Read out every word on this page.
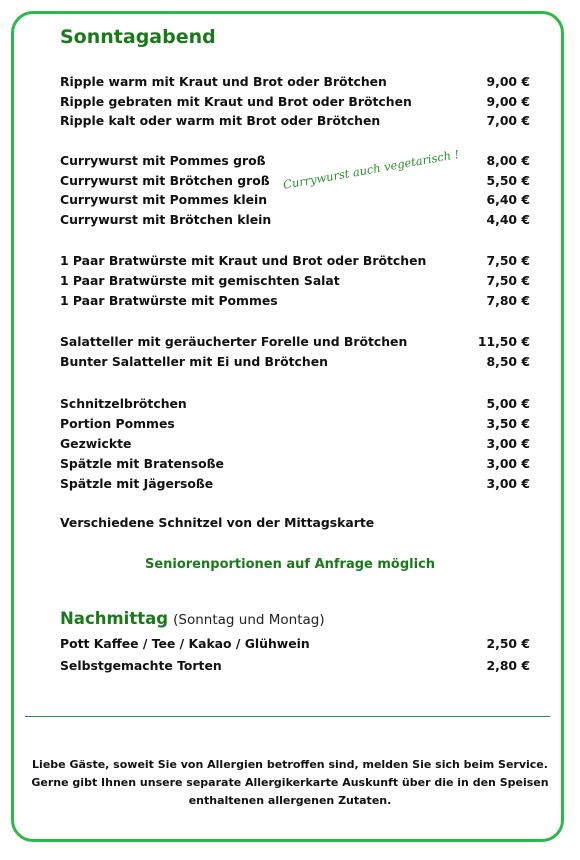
Sonntagabend
Ripple warm mit Kraut und Brot oder Brötchen	9,00 €
Ripple gebraten mit Kraut und Brot oder Brötchen	9,00 €
Ripple kalt oder warm mit Brot oder Brötchen	7,00 €
Currywurst mit Pommes groß	8,00 €
Currywurst mit Brötchen groß	5,50 €
Currywurst mit Pommes klein	6,40 €
Currywurst mit Brötchen klein	4,40 €
Currywurst auch vegetarisch !
1 Paar Bratwürste mit Kraut und Brot oder Brötchen	7,50 €
1 Paar Bratwürste mit gemischten Salat	7,50 €
1 Paar Bratwürste mit Pommes	7,80 €
Salatteller mit geräucherter Forelle und Brötchen	11,50 €
Bunter Salatteller mit Ei und Brötchen	8,50 €
Schnitzelbrötchen	5,00 €
Portion Pommes	3,50 €
Gezwickte	3,00 €
Spätzle mit Bratensoße	3,00 €
Spätzle mit Jägersoße	3,00 €
Verschiedene Schnitzel von der Mittagskarte
Seniorenportionen auf Anfrage möglich
Nachmittag (Sonntag und Montag)
Pott Kaffee / Tee / Kakao / Glühwein	2,50 €
Selbstgemachte Torten	2,80 €
Liebe Gäste, soweit Sie von Allergien betroffen sind, melden Sie sich beim Service.
Gerne gibt Ihnen unsere separate Allergikerkarte Auskunft über die in den Speisen
enthaltenen allergenen Zutaten.
